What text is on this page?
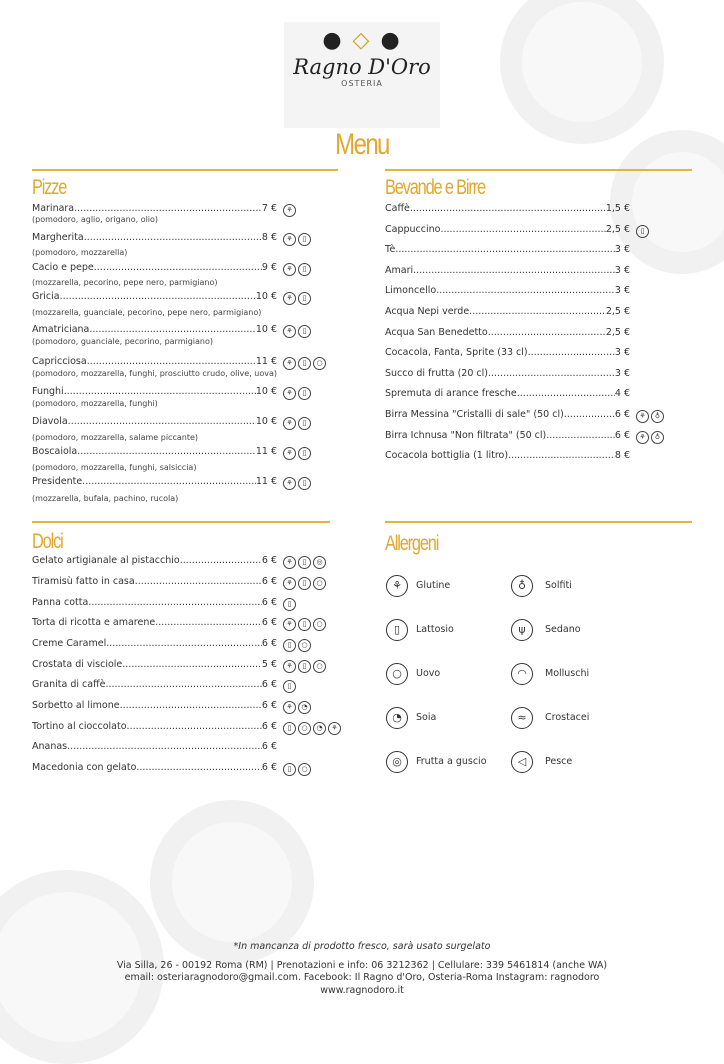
● ◇ ●
Ragno D'Oro
OSTERIA
Menu
Pizze	Bevande e Birre
Dolci	Allergeni
Marinara .....	7 €
(pomodoro, aglio, origano, olio)
⚘
Margherita .....	8 €
(pomodoro, mozzarella)
⚘	▯
Cacio e pepe .....	9 €
(mozzarella, pecorino, pepe nero, parmigiano)
⚘	▯
Gricia .....	10 €
(mozzarella, guanciale, pecorino, pepe nero, parmigiano)
⚘	▯
Amatriciana .....	10 €
(pomodoro, guanciale, pecorino, parmigiano)
⚘	▯
Capricciosa .....	11 €
(pomodoro, mozzarella, funghi, prosciutto crudo, olive, uova)
⚘	▯	○
Funghi .....	10 €
(pomodoro, mozzarella, funghi)
⚘	▯
Diavola .....	10 €
(pomodoro, mozzarella, salame piccante)
⚘	▯
Boscaiola .....	11 €
(pomodoro, mozzarella, funghi, salsiccia)
⚘	▯
Presidente .....	11 €
(mozzarella, bufala, pachino, rucola)
⚘	▯
Caffè .....	1,5 €
Cappuccino .....	2,5 €	▯
Tè .....	3 €
Amari .....	3 €
Limoncello .....	3 €
Acqua Nepi verde .....	2,5 €
Acqua San Benedetto .....	2,5 €
Cocacola, Fanta, Sprite (33 cl) .....	3 €
Succo di frutta (20 cl) .....	3 €
Spremuta di arance fresche .....	4 €
Birra Messina "Cristalli di sale" (50 cl) .....	6 €	⚘	♁
Birra Ichnusa "Non filtrata" (50 cl) .....	6 €	⚘	♁
Cocacola bottiglia (1 litro) .....	8 €
Gelato artigianale al pistacchio .....	6 €	⚘	▯	◎
Tiramisù fatto in casa .....	6 €	⚘	▯	○
Panna cotta .....	6 €	▯
Torta di ricotta e amarene .....	6 €	⚘	▯	○
Creme Caramel .....	6 €	▯	○
Crostata di visciole .....	5 €	⚘	▯	○
Granita di caffè .....	6 €	▯
Sorbetto al limone .....	6 €	⚘	◔
Tortino al cioccolato .....	6 €	▯	○	◔	⚘
Ananas .....	6 €
Macedonia con gelato .....	6 €	▯	○
⚘	Glutine	♁	Solfiti
▯	Lattosio	ψ	Sedano
○	Uovo	◠	Molluschi
◔	Soia	≈	Crostacei
◎	Frutta a guscio	◁	Pesce
*In mancanza di prodotto fresco, sarà usato surgelato
Via Silla, 26 - 00192 Roma (RM) | Prenotazioni e info: 06 3212362 | Cellulare: 339 5461814 (anche WA)
email: osteriaragnodoro@gmail.com. Facebook: Il Ragno d'Oro, Osteria-Roma Instagram: ragnodoro
www.ragnodoro.it
